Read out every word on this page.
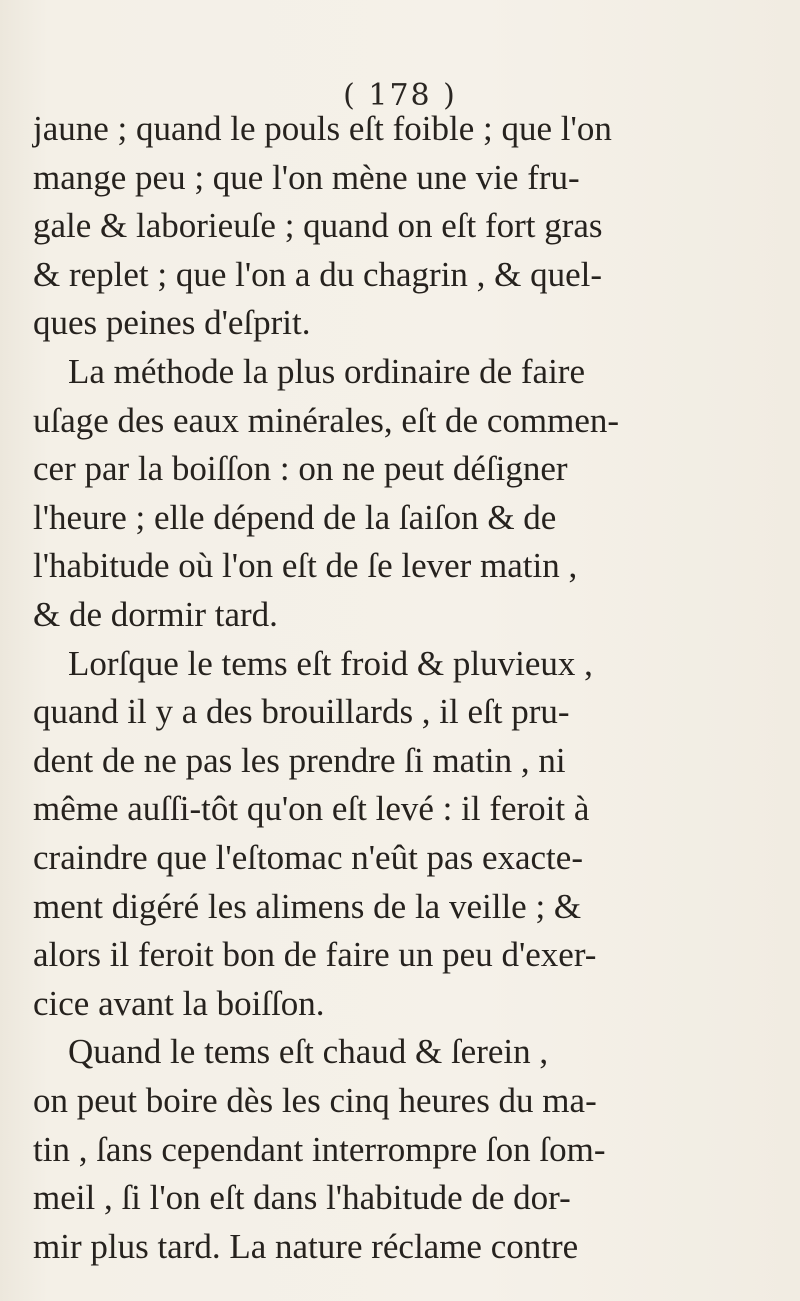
( 178 )
jaune ; quand le pouls eſt foible ; que l'on
mange peu ; que l'on mène une vie fru-
gale & laborieuſe ; quand on eſt fort gras
& replet ; que l'on a du chagrin , & quel-
ques peines d'eſprit.
La méthode la plus ordinaire de faire
uſage des eaux minérales, eſt de commen-
cer par la boiſſon : on ne peut déſigner
l'heure ; elle dépend de la ſaiſon & de
l'habitude où l'on eſt de ſe lever matin ,
& de dormir tard.
Lorſque le tems eſt froid & pluvieux ,
quand il y a des brouillards , il eſt pru-
dent de ne pas les prendre ſi matin , ni
même auſſi-tôt qu'on eſt levé : il feroit à
craindre que l'eſtomac n'eût pas exacte-
ment digéré les alimens de la veille ; &
alors il feroit bon de faire un peu d'exer-
cice avant la boiſſon.
Quand le tems eſt chaud & ſerein ,
on peut boire dès les cinq heures du ma-
tin , ſans cependant interrompre ſon ſom-
meil , ſi l'on eſt dans l'habitude de dor-
mir plus tard. La nature réclame contre
